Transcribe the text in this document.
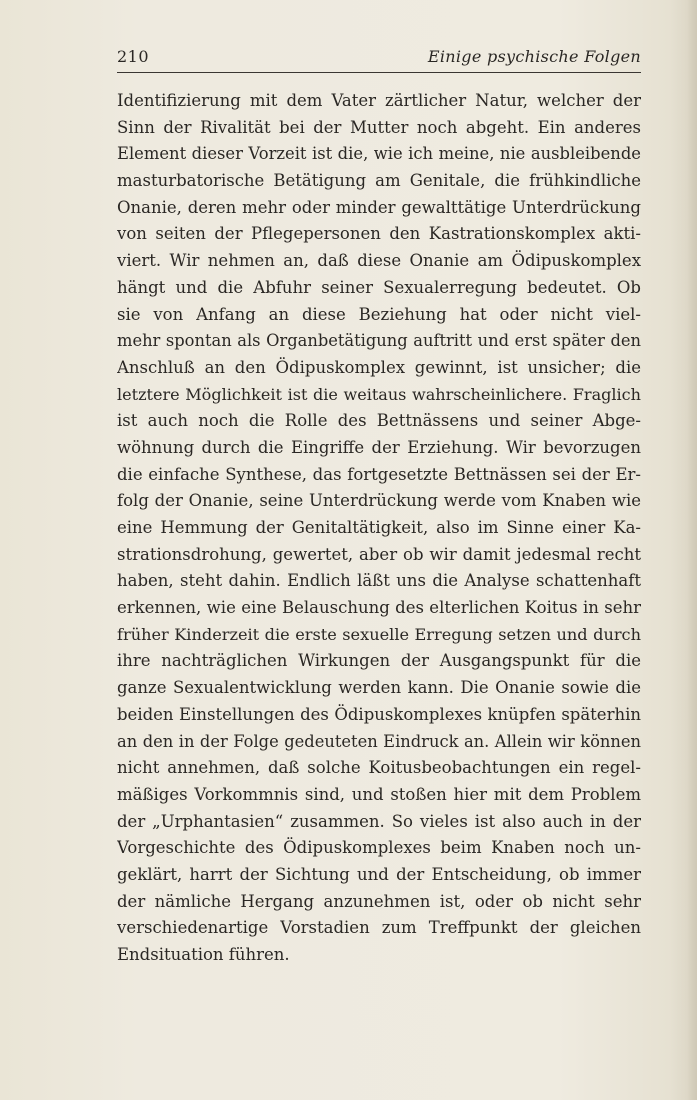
210	Einige psychische Folgen
Identifizierung mit dem Vater zärtlicher Natur, welcher der
Sinn der Rivalität bei der Mutter noch abgeht. Ein anderes
Element dieser Vorzeit ist die, wie ich meine, nie ausbleibende
masturbatorische Betätigung am Genitale, die frühkindliche
Onanie, deren mehr oder minder gewalttätige Unterdrückung
von seiten der Pflegepersonen den Kastrationskomplex akti-
viert. Wir nehmen an, daß diese Onanie am Ödipuskomplex
hängt und die Abfuhr seiner Sexualerregung bedeutet. Ob
sie von Anfang an diese Beziehung hat oder nicht viel-
mehr spontan als Organbetätigung auftritt und erst später den
Anschluß an den Ödipuskomplex gewinnt, ist unsicher; die
letztere Möglichkeit ist die weitaus wahrscheinlichere. Fraglich
ist auch noch die Rolle des Bettnässens und seiner Abge-
wöhnung durch die Eingriffe der Erziehung. Wir bevorzugen
die einfache Synthese, das fortgesetzte Bettnässen sei der Er-
folg der Onanie, seine Unterdrückung werde vom Knaben wie
eine Hemmung der Genitaltätigkeit, also im Sinne einer Ka-
strationsdrohung, gewertet, aber ob wir damit jedesmal recht
haben, steht dahin. Endlich läßt uns die Analyse schattenhaft
erkennen, wie eine Belauschung des elterlichen Koitus in sehr
früher Kinderzeit die erste sexuelle Erregung setzen und durch
ihre nachträglichen Wirkungen der Ausgangspunkt für die
ganze Sexualentwicklung werden kann. Die Onanie sowie die
beiden Einstellungen des Ödipuskomplexes knüpfen späterhin
an den in der Folge gedeuteten Eindruck an. Allein wir können
nicht annehmen, daß solche Koitusbeobachtungen ein regel-
mäßiges Vorkommnis sind, und stoßen hier mit dem Problem
der „Urphantasien“ zusammen. So vieles ist also auch in der
Vorgeschichte des Ödipuskomplexes beim Knaben noch un-
geklärt, harrt der Sichtung und der Entscheidung, ob immer
der nämliche Hergang anzunehmen ist, oder ob nicht sehr
verschiedenartige Vorstadien zum Treffpunkt der gleichen
Endsituation führen.
